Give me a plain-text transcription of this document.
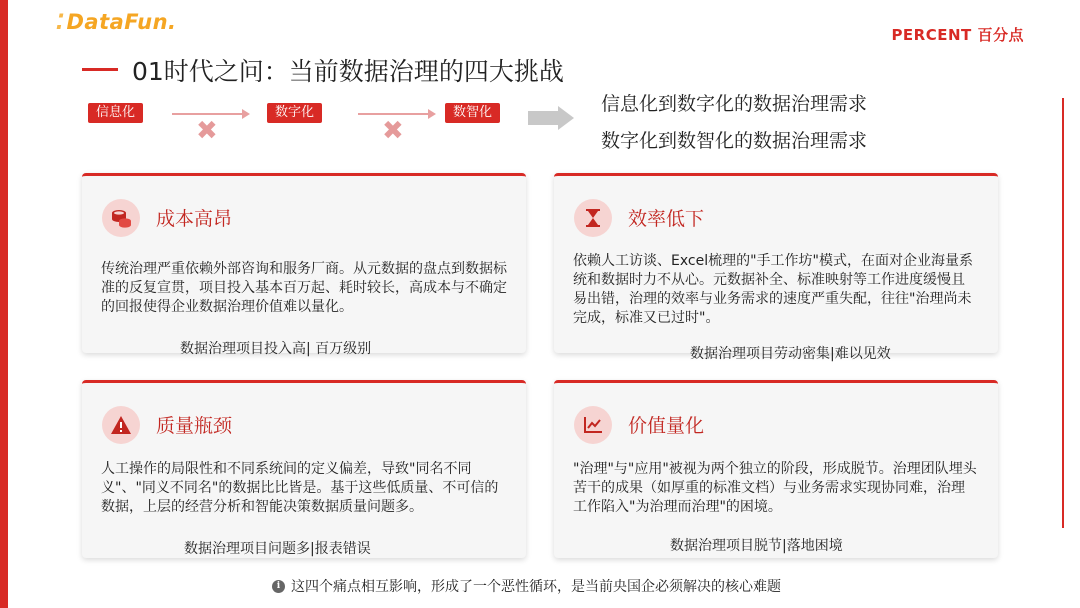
⁚DataFun.
PERCENT 百分点
01时代之问：当前数据治理的四大挑战
信息化
✖
数字化
✖
数智化	信息化到数字化的数据治理需求
数字化到数智化的数据治理需求
成本高昂
传统治理严重依赖外部咨询和服务厂商。从元数据的盘点到数据标准的反复宣贯，项目投入基本百万起、耗时较长，高成本与不确定的回报使得企业数据治理价值难以量化。
数据治理项目投入高| 百万级别
效率低下
依赖人工访谈、Excel梳理的"手工作坊"模式，在面对企业海量系统和数据时力不从心。元数据补全、标准映射等工作进度缓慢且易出错，治理的效率与业务需求的速度严重失配，往往"治理尚未完成，标准又已过时"。
数据治理项目劳动密集|难以见效
质量瓶颈
人工操作的局限性和不同系统间的定义偏差，导致"同名不同义"、"同义不同名"的数据比比皆是。基于这些低质量、不可信的数据，上层的经营分析和智能决策数据质量问题多。
数据治理项目问题多|报表错误
价值量化
"治理"与"应用"被视为两个独立的阶段，形成脱节。治理团队埋头苦干的成果（如厚重的标准文档）与业务需求实现协同难，治理工作陷入"为治理而治理"的困境。
数据治理项目脱节|落地困境
i 这四个痛点相互影响，形成了一个恶性循环，是当前央国企必须解决的核心难题
